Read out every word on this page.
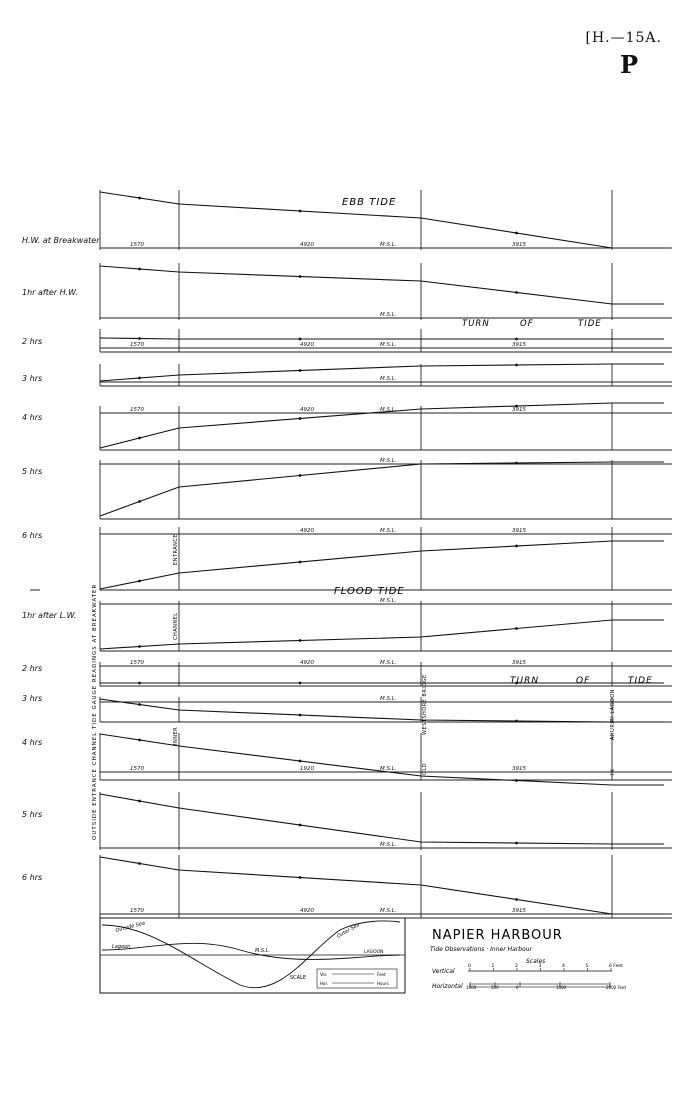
H.W. at Breakwater	M.S.L.
1570	4920	3915
1hr after H.W.
M.S.L.
2 hrs	M.S.L.
1570	4920	3915
3 hrs	M.S.L.
4 hrs
M.S.L.
1570	4920	3915
5 hrs
M.S.L.
6 hrs	M.S.L.
4920	3915
1hr after L.W.
M.S.L.
2 hrs
M.S.L.
1570	4920	3915
3 hrs	M.S.L.
4 hrs
M.S.L.
1570	1920	3915
5 hrs
M.S.L.
6 hrs
M.S.L.
1570	4920	3915
EBB TIDE
FLOOD TIDE
TURN
TURN
OF
OF
TIDE
TIDE
OUTSIDE ENTRANCE CHANNEL TIDE GAUGE READINGS AT BREAKWATER
ENTRANCE
CHANNEL
INNER
WESTSHORE BRIDGE	AHURIRI LAGOON
OLD	IN
Outside Sea	Outer Sea
Lagoon
LAGOON
M.S.L.
SCALE
Ver.	Feet
Hor.	Hours
NAPIER HARBOUR
Tide Observations · Inner Harbour
Scales
Vertical
0	1	2	3	4	5	6 Feet
Horizontal 1000	500	0	1000	2000 Feet
[H.—15A.
P
